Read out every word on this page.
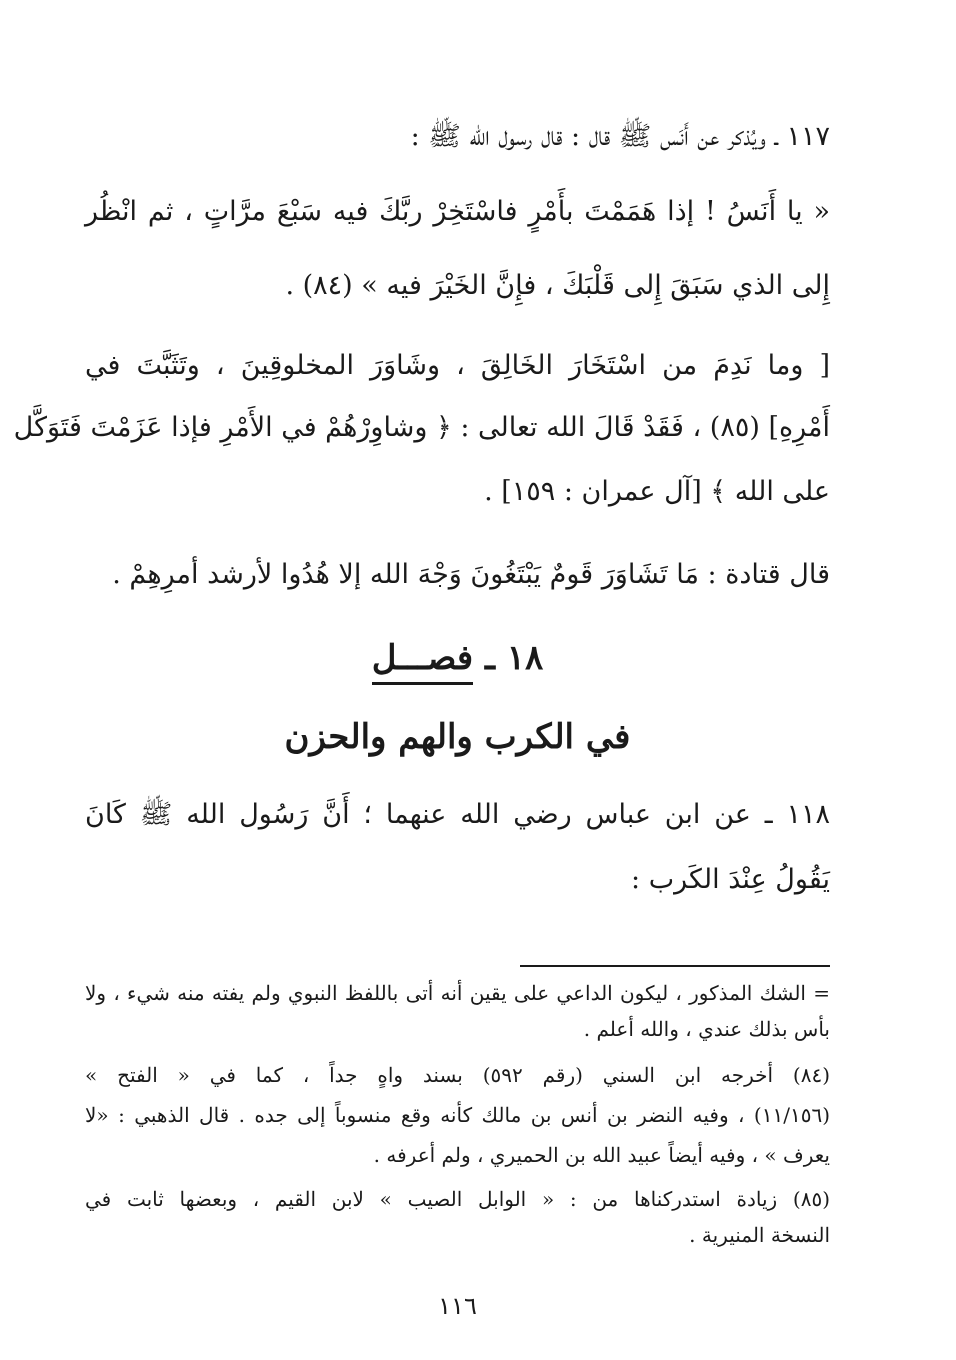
١١٧ ـ ويُذكر عن أَنَس ﷺ قال : قال رسول الله ﷺ :
« يا أَنَسُ ! إذا هَمَمْتَ بأَمْرٍ فاسْتَخِرْ ربَّكَ فيه سَبْعَ مرَّاتٍ ، ثم انْظُر
إِلى الذي سَبَقَ إِلى قَلْبَكَ ، فإِنَّ الخَيْرَ فيه » (٨٤) .
[ وما نَدِمَ من اسْتَخَارَ الخَالِقَ ، وشَاوَرَ المخلوقِينَ ، وتَثَبَّتَ في
أَمْرِهِ] (٨٥) ، فَقَدْ قَالَ الله تعالى : ﴿ وشاوِرْهُمْ في الأَمْرِ فإذا عَزَمْتَ فَتَوَكَّل
على الله ﴾ [آل عمران : ١٥٩] .
قال قتادة : مَا تَشَاوَرَ قَومٌ يَبْتَغُونَ وَجْهَ الله إلا هُدُوا لأرشد أمرِهِمْ .
١٨ ـ فصـــل
في الكرب والهم والحزن
١١٨ ـ عن ابن عباس رضي الله عنهما ؛ أَنَّ رَسُول الله ﷺ كَانَ
يَقُولُ عِنْدَ الكَرب :
= الشك المذكور ، ليكون الداعي على يقين أنه أتى باللفظ النبوي ولم يفته منه شيء ، ولا
بأس بذلك عندي ، والله أعلم .
(٨٤) أخرجه ابن السني (رقم ٥٩٢) بسند واهٍ جداً ، كما في « الفتح »
(١١/١٥٦) ، وفيه النضر بن أنس بن مالك كأنه وقع منسوباً إلى جده . قال الذهبي : «لا
يعرف » ، وفيه أيضاً عبيد الله بن الحميري ، ولم أعرفه .
(٨٥) زيادة استدركناها من : « الوابل الصيب » لابن القيم ، وبعضها ثابت في
النسخة المنيرية .
١١٦
